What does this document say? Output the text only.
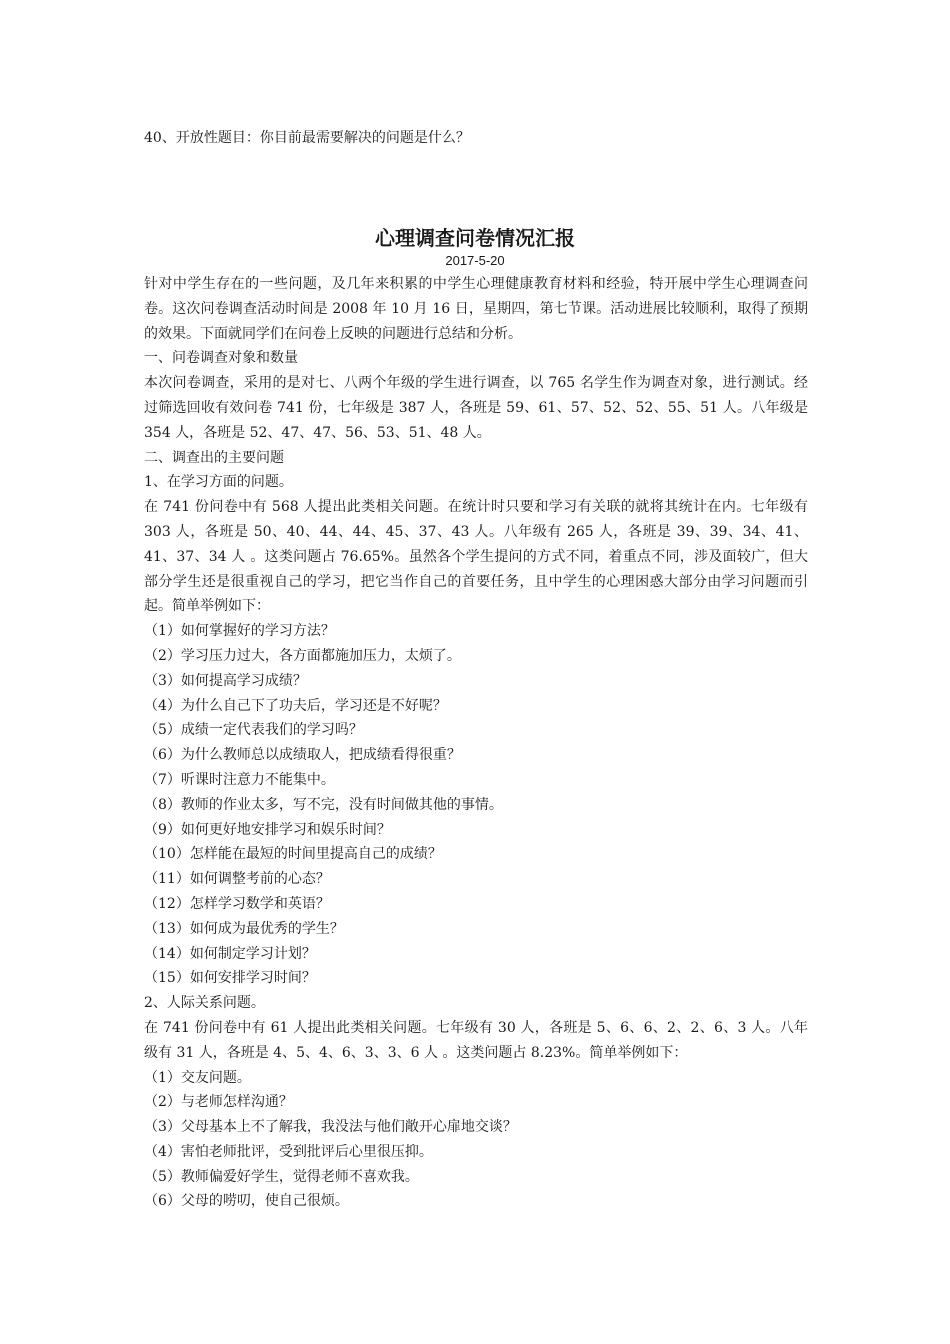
40、开放性题目：你目前最需要解决的问题是什么？
心理调查问卷情况汇报
2017-5-20

针对中学生存在的一些问题，及几年来积累的中学生心理健康教育材料和经验，特开展中学生心理调查问卷。这次问卷调查活动时间是 2008 年 10 月 16 日，星期四，第七节课。活动进展比较顺利，取得了预期的效果。下面就同学们在问卷上反映的问题进行总结和分析。

一、问卷调查对象和数量

本次问卷调查，采用的是对七、八两个年级的学生进行调查，以 765 名学生作为调查对象，进行测试。经过筛选回收有效问卷 741 份，七年级是 387 人，各班是 59、61、57、52、52、55、51 人。八年级是 354 人，各班是 52、47、47、56、53、51、48 人。

二、调查出的主要问题

1、在学习方面的问题。

在 741 份问卷中有 568 人提出此类相关问题。在统计时只要和学习有关联的就将其统计在内。七年级有 303 人，各班是 50、40、44、44、45、37、43 人。八年级有 265 人，各班是 39、39、34、41、41、37、34 人 。这类问题占 76.65%。虽然各个学生提问的方式不同，着重点不同，涉及面较广，但大部分学生还是很重视自己的学习，把它当作自己的首要任务，且中学生的心理困惑大部分由学习问题而引起。简单举例如下：

（1）如何掌握好的学习方法？

（2）学习压力过大，各方面都施加压力，太烦了。

（3）如何提高学习成绩？

（4）为什么自己下了功夫后，学习还是不好呢？

（5）成绩一定代表我们的学习吗？

（6）为什么教师总以成绩取人，把成绩看得很重？

（7）听课时注意力不能集中。

（8）教师的作业太多，写不完，没有时间做其他的事情。

（9）如何更好地安排学习和娱乐时间？

（10）怎样能在最短的时间里提高自己的成绩？

（11）如何调整考前的心态？

（12）怎样学习数学和英语？

（13）如何成为最优秀的学生？

（14）如何制定学习计划？

（15）如何安排学习时间？

2、人际关系问题。

在 741 份问卷中有 61 人提出此类相关问题。七年级有 30 人，各班是 5、6、6、2、2、6、3 人。八年级有 31 人，各班是 4、5、4、6、3、3、6 人 。这类问题占 8.23%。简单举例如下：

（1）交友问题。

（2）与老师怎样沟通？

（3）父母基本上不了解我，我没法与他们敞开心扉地交谈？

（4）害怕老师批评，受到批评后心里很压抑。

（5）教师偏爱好学生，觉得老师不喜欢我。

（6）父母的唠叨，使自己很烦。
